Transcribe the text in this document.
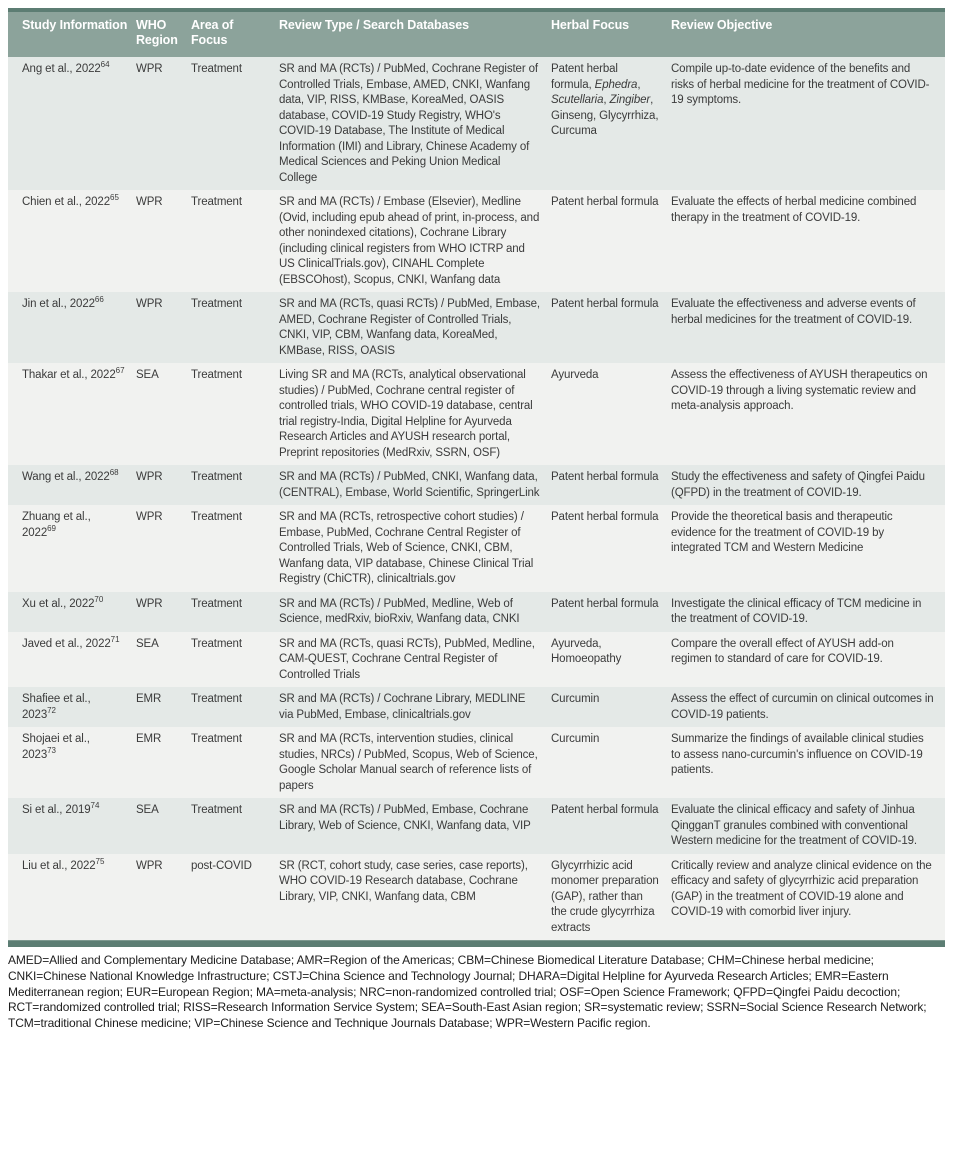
Study Information	WHO Region	Area of Focus	Review Type / Search Databases	Herbal Focus	Review Objective
Ang et al., 2022$^{64}$	WPR	Treatment	SR and MA (RCTs) / PubMed, Cochrane Register of Controlled Trials, Embase, AMED, CNKI, Wanfang data, VIP, RISS, KMBase, KoreaMed, OASIS database, COVID-19 Study Registry, WHO's COVID-19 Database, The Institute of Medical Information (IMI) and Library, Chinese Academy of Medical Sciences and Peking Union Medical College	Patent herbal formula, Ephedra, Scutellaria, Zingiber, Ginseng, Glycyrrhiza, Curcuma	Compile up-to-date evidence of the benefits and risks of herbal medicine for the treatment of COVID-19 symptoms.
Chien et al., 2022$^{65}$	WPR	Treatment	SR and MA (RCTs) / Embase (Elsevier), Medline (Ovid, including epub ahead of print, in-process, and other nonindexed citations), Cochrane Library (including clinical registers from WHO ICTRP and US ClinicalTrials.gov), CINAHL Complete (EBSCOhost), Scopus, CNKI, Wanfang data	Patent herbal formula	Evaluate the effects of herbal medicine combined therapy in the treatment of COVID-19.
Jin et al., 2022$^{66}$	WPR	Treatment	SR and MA (RCTs, quasi RCTs) / PubMed, Embase, AMED, Cochrane Register of Controlled Trials, CNKI, VIP, CBM, Wanfang data, KoreaMed, KMBase, RISS, OASIS	Patent herbal formula	Evaluate the effectiveness and adverse events of herbal medicines for the treatment of COVID-19.
Thakar et al., 2022$^{67}$	SEA	Treatment	Living SR and MA (RCTs, analytical observational studies) / PubMed, Cochrane central register of controlled trials, WHO COVID-19 database, central trial registry-India, Digital Helpline for Ayurveda Research Articles and AYUSH research portal, Preprint repositories (MedRxiv, SSRN, OSF)	Ayurveda	Assess the effectiveness of AYUSH therapeutics on COVID-19 through a living systematic review and meta-analysis approach.
Wang et al., 2022$^{68}$	WPR	Treatment	SR and MA (RCTs) / PubMed, CNKI, Wanfang data, (CENTRAL), Embase, World Scientific, SpringerLink	Patent herbal formula	Study the effectiveness and safety of Qingfei Paidu (QFPD) in the treatment of COVID-19.
Zhuang et al., 2022$^{69}$	WPR	Treatment	SR and MA (RCTs, retrospective cohort studies) / Embase, PubMed, Cochrane Central Register of Controlled Trials, Web of Science, CNKI, CBM, Wanfang data, VIP database, Chinese Clinical Trial Registry (ChiCTR), clinicaltrials.gov	Patent herbal formula	Provide the theoretical basis and therapeutic evidence for the treatment of COVID-19 by integrated TCM and Western Medicine
Xu et al., 2022$^{70}$	WPR	Treatment	SR and MA (RCTs) / PubMed, Medline, Web of Science, medRxiv, bioRxiv, Wanfang data, CNKI	Patent herbal formula	Investigate the clinical efficacy of TCM medicine in the treatment of COVID-19.
Javed et al., 2022$^{71}$	SEA	Treatment	SR and MA (RCTs, quasi RCTs), PubMed, Medline, CAM-QUEST, Cochrane Central Register of Controlled Trials	Ayurveda, Homoeopathy	Compare the overall effect of AYUSH add-on regimen to standard of care for COVID-19.
Shafiee et al., 2023$^{72}$	EMR	Treatment	SR and MA (RCTs) / Cochrane Library, MEDLINE via PubMed, Embase, clinicaltrials.gov	Curcumin	Assess the effect of curcumin on clinical outcomes in COVID-19 patients.
Shojaei et al., 2023$^{73}$	EMR	Treatment	SR and MA (RCTs, intervention studies, clinical studies, NRCs) / PubMed, Scopus, Web of Science, Google Scholar Manual search of reference lists of papers	Curcumin	Summarize the findings of available clinical studies to assess nano-curcumin's influence on COVID-19 patients.
Si et al., 2019$^{74}$	SEA	Treatment	SR and MA (RCTs) / PubMed, Embase, Cochrane Library, Web of Science, CNKI, Wanfang data, VIP	Patent herbal formula	Evaluate the clinical efficacy and safety of Jinhua QingganT granules combined with conventional Western medicine for the treatment of COVID-19.
Liu et al., 2022$^{75}$	WPR	post-COVID	SR (RCT, cohort study, case series, case reports), WHO COVID-19 Research database, Cochrane Library, VIP, CNKI, Wanfang data, CBM	Glycyrrhizic acid monomer preparation (GAP), rather than the crude glycyrrhiza extracts	Critically review and analyze clinical evidence on the efficacy and safety of glycyrrhizic acid preparation (GAP) in the treatment of COVID-19 alone and COVID-19 with comorbid liver injury.
AMED=Allied and Complementary Medicine Database; AMR=Region of the Americas; CBM=Chinese Biomedical Literature Database; CHM=Chinese herbal medicine; CNKI=Chinese National Knowledge Infrastructure; CSTJ=China Science and Technology Journal; DHARA=Digital Helpline for Ayurveda Research Articles; EMR=Eastern Mediterranean region; EUR=European Region; MA=meta-analysis; NRC=non-randomized controlled trial; OSF=Open Science Framework; QFPD=Qingfei Paidu decoction; RCT=randomized controlled trial; RISS=Research Information Service System; SEA=South-East Asian region; SR=systematic review; SSRN=Social Science Research Network; TCM=traditional Chinese medicine; VIP=Chinese Science and Technique Journals Database; WPR=Western Pacific region.
